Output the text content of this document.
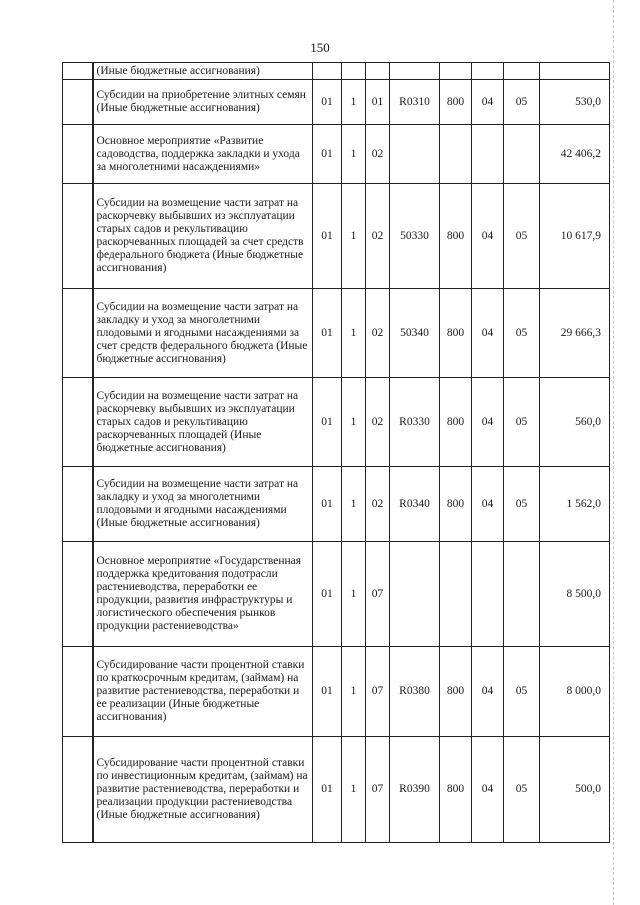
150
	(Иные бюджетные ассигнования)								
	Субсидии на приобретение элитных семян (Иные бюджетные ассигнования)	01	1	01	R0310	800	04	05	530,0
	Основное мероприятие «Развитие садоводства, поддержка закладки и ухода за многолетними насаждениями»	01	1	02					42 406,2
	Субсидии на возмещение части затрат на раскорчевку выбывших из эксплуатации старых садов и рекультивацию раскорчеванных площадей за счет средств федерального бюджета (Иные бюджетные ассигнования)	01	1	02	50330	800	04	05	10 617,9
	Субсидии на возмещение части затрат на закладку и уход за многолетними плодовыми и ягодными насаждениями за счет средств федерального бюджета (Иные бюджетные ассигнования)	01	1	02	50340	800	04	05	29 666,3
	Субсидии на возмещение части затрат на раскорчевку выбывших из эксплуатации старых садов и рекультивацию раскорчеванных площадей (Иные бюджетные ассигнования)	01	1	02	R0330	800	04	05	560,0
	Субсидии на возмещение части затрат на закладку и уход за многолетними плодовыми и ягодными насаждениями (Иные бюджетные ассигнования)	01	1	02	R0340	800	04	05	1 562,0
	Основное мероприятие «Государственная поддержка кредитования подотрасли растениеводства, переработки ее продукции, развития инфраструктуры и логистического обеспечения рынков продукции растениеводства»	01	1	07					8 500,0
	Субсидирование части процентной ставки по краткосрочным кредитам, (займам) на развитие растениеводства, переработки и ее реализации (Иные бюджетные ассигнования)	01	1	07	R0380	800	04	05	8 000,0
	Субсидирование части процентной ставки по инвестиционным кредитам, (займам) на развитие растениеводства, переработки и реализации продукции растениеводства (Иные бюджетные ассигнования)	01	1	07	R0390	800	04	05	500,0
